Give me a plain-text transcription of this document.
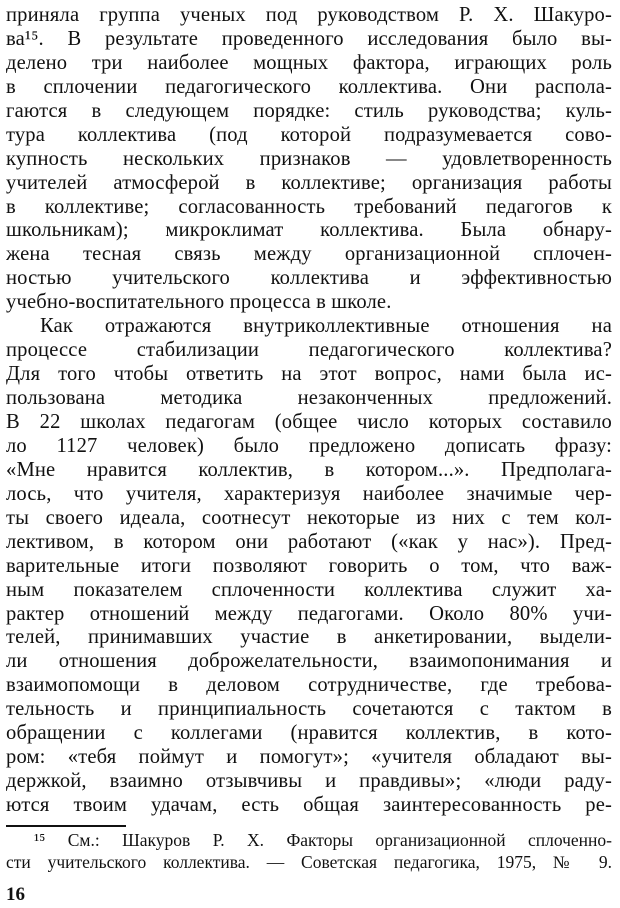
приняла группа ученых под руководством Р. Х. Шакуро-
ва¹⁵. В результате проведенного исследования было вы-
делено три наиболее мощных фактора, играющих роль
в сплочении педагогического коллектива. Они распола-
гаются в следующем порядке: стиль руководства; куль-
тура коллектива (под которой подразумевается сово-
купность нескольких признаков — удовлетворенность
учителей атмосферой в коллективе; организация работы
в коллективе; согласованность требований педагогов к
школьникам); микроклимат коллектива. Была обнару-
жена тесная связь между организационной сплочен-
ностью учительского коллектива и эффективностью
учебно-воспитательного процесса в школе.
Как отражаются внутриколлективные отношения на
процессе стабилизации педагогического коллектива?
Для того чтобы ответить на этот вопрос, нами была ис-
пользована методика незаконченных предложений.
В 22 школах педагогам (общее число которых составило
ло 1127 человек) было предложено дописать фразу:
«Мне нравится коллектив, в котором...». Предполага-
лось, что учителя, характеризуя наиболее значимые чер-
ты своего идеала, соотнесут некоторые из них с тем кол-
лективом, в котором они работают («как у нас»). Пред-
варительные итоги позволяют говорить о том, что важ-
ным показателем сплоченности коллектива служит ха-
рактер отношений между педагогами. Около 80% учи-
телей, принимавших участие в анкетировании, выдели-
ли отношения доброжелательности, взаимопонимания и
взаимопомощи в деловом сотрудничестве, где требова-
тельность и принципиальность сочетаются с тактом в
обращении с коллегами (нравится коллектив, в кото-
ром: «тебя поймут и помогут»; «учителя обладают вы-
держкой, взаимно отзывчивы и правдивы»; «люди раду-
ются твоим удачам, есть общая заинтересованность ре-
¹⁵ См.: Шакуров Р. Х. Факторы организационной сплоченно-
сти учительского коллектива. — Советская педагогика, 1975, № 9.
16
